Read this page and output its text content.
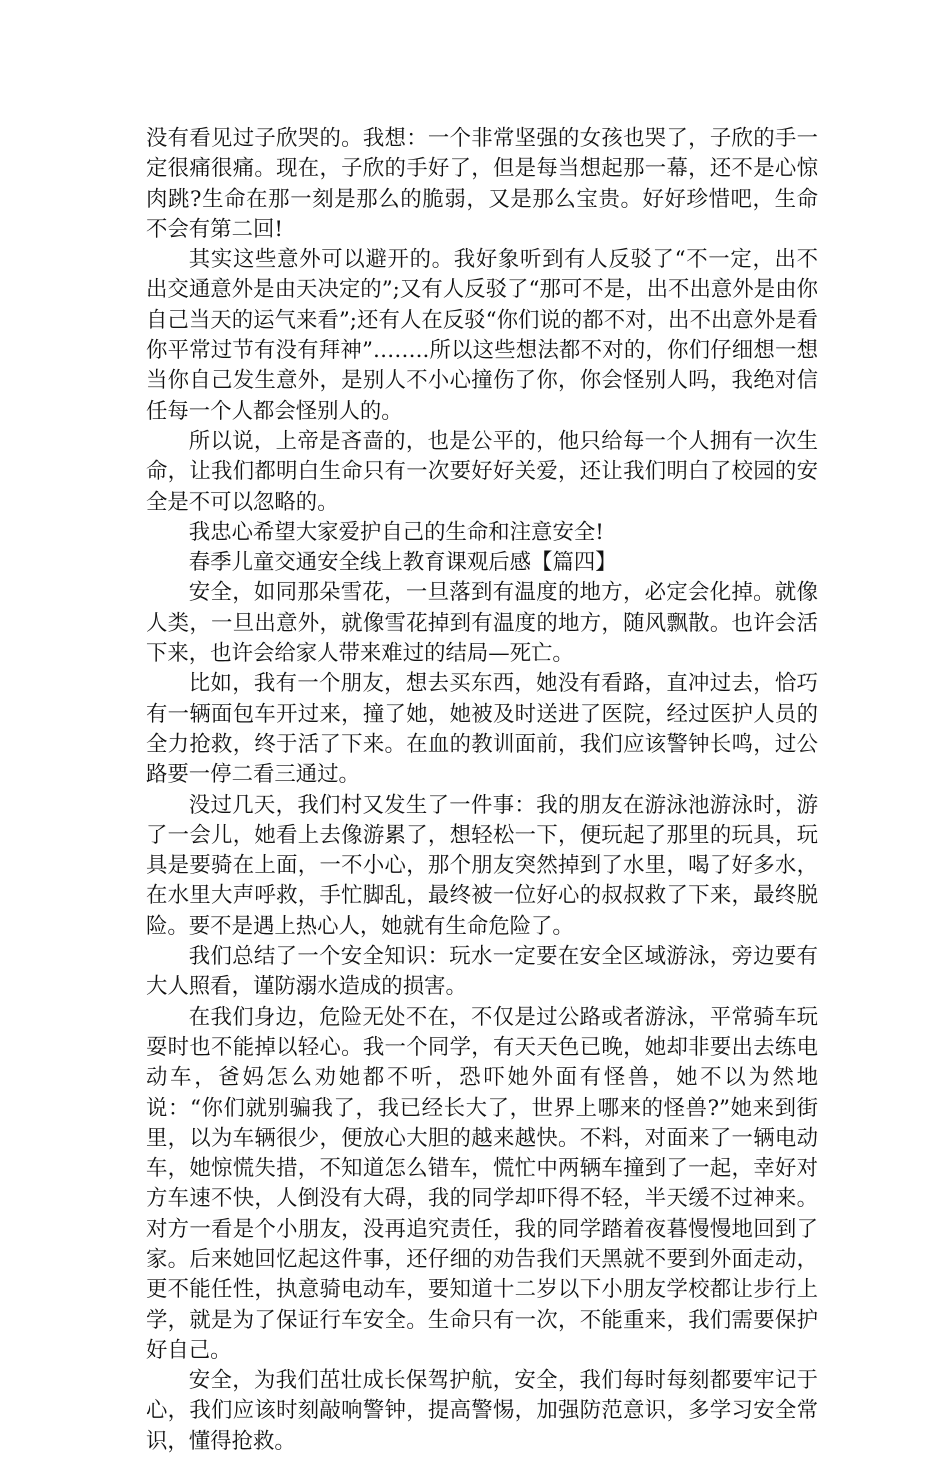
没有看见过子欣哭的。我想：一个非常坚强的女孩也哭了，子欣的手一定很痛很痛。现在，子欣的手好了，但是每当想起那一幕，还不是心惊肉跳?生命在那一刻是那么的脆弱，又是那么宝贵。好好珍惜吧，生命不会有第二回!

其实这些意外可以避开的。我好象听到有人反驳了“不一定，出不出交通意外是由天决定的”;又有人反驳了“那可不是，出不出意外是由你自己当天的运气来看”;还有人在反驳“你们说的都不对，出不出意外是看你平常过节有没有拜神”……..所以这些想法都不对的，你们仔细想一想当你自己发生意外，是别人不小心撞伤了你，你会怪别人吗，我绝对信任每一个人都会怪别人的。

所以说，上帝是吝啬的，也是公平的，他只给每一个人拥有一次生命，让我们都明白生命只有一次要好好关爱，还让我们明白了校园的安全是不可以忽略的。

我忠心希望大家爱护自己的生命和注意安全!

春季儿童交通安全线上教育课观后感【篇四】

安全，如同那朵雪花，一旦落到有温度的地方，必定会化掉。就像人类，一旦出意外，就像雪花掉到有温度的地方，随风飘散。也许会活下来，也许会给家人带来难过的结局—死亡。

比如，我有一个朋友，想去买东西，她没有看路，直冲过去，恰巧有一辆面包车开过来，撞了她，她被及时送进了医院，经过医护人员的全力抢救，终于活了下来。在血的教训面前，我们应该警钟长鸣，过公路要一停二看三通过。

没过几天，我们村又发生了一件事：我的朋友在游泳池游泳时，游了一会儿，她看上去像游累了，想轻松一下，便玩起了那里的玩具，玩具是要骑在上面，一不小心，那个朋友突然掉到了水里，喝了好多水，在水里大声呼救，手忙脚乱，最终被一位好心的叔叔救了下来，最终脱险。要不是遇上热心人，她就有生命危险了。

我们总结了一个安全知识：玩水一定要在安全区域游泳，旁边要有大人照看，谨防溺水造成的损害。

在我们身边，危险无处不在，不仅是过公路或者游泳，平常骑车玩耍时也不能掉以轻心。我一个同学，有天天色已晚，她却非要出去练电动车，爸妈怎么劝她都不听，恐吓她外面有怪兽，她不以为然地说：“你们就别骗我了，我已经长大了，世界上哪来的怪兽?”她来到街里，以为车辆很少，便放心大胆的越来越快。不料，对面来了一辆电动车，她惊慌失措，不知道怎么错车，慌忙中两辆车撞到了一起，幸好对方车速不快，人倒没有大碍，我的同学却吓得不轻，半天缓不过神来。对方一看是个小朋友，没再追究责任，我的同学踏着夜暮慢慢地回到了家。后来她回忆起这件事，还仔细的劝告我们天黑就不要到外面走动，更不能任性，执意骑电动车，要知道十二岁以下小朋友学校都让步行上学，就是为了保证行车安全。生命只有一次，不能重来，我们需要保护好自己。

安全，为我们茁壮成长保驾护航，安全，我们每时每刻都要牢记于心，我们应该时刻敲响警钟，提高警惕，加强防范意识，多学习安全常识，懂得抢救。
